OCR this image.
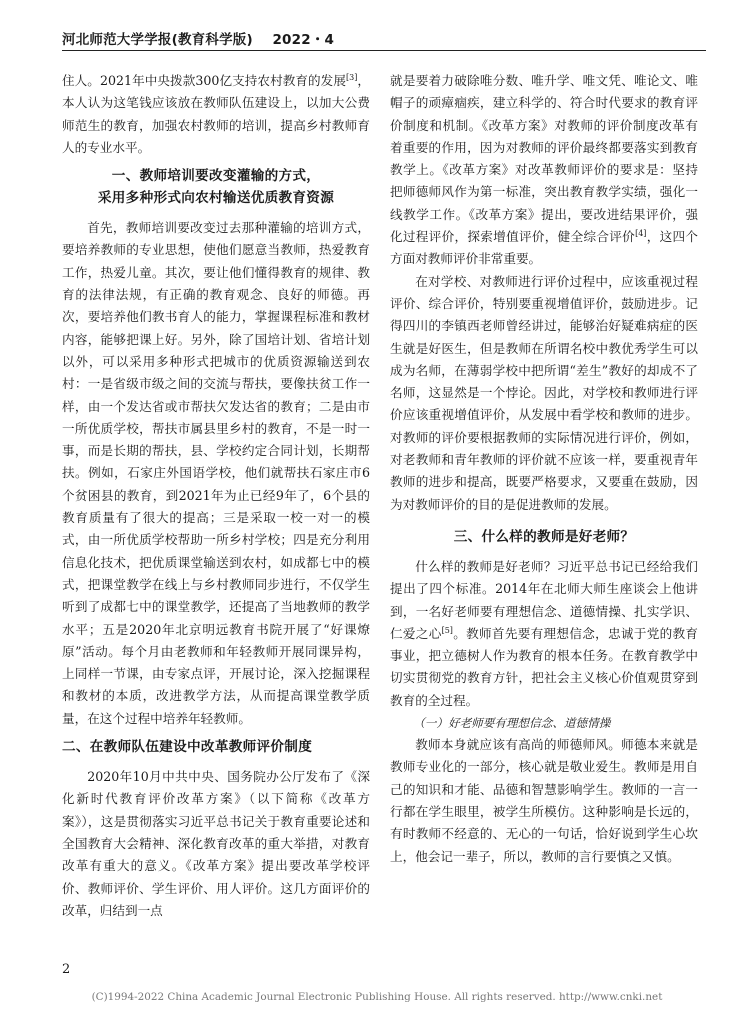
河北师范大学学报(教育科学版) 2022・4

住人。2021年中央拨款300亿支持农村教育的发展[3]，本人认为这笔钱应该放在教师队伍建设上，以加大公费师范生的教育，加强农村教师的培训，提高乡村教师育人的专业水平。

一、教师培训要改变灌输的方式，
采用多种形式向农村输送优质教育资源

首先，教师培训要改变过去那种灌输的培训方式，要培养教师的专业思想，使他们愿意当教师，热爱教育工作，热爱儿童。其次，要让他们懂得教育的规律、教育的法律法规，有正确的教育观念、良好的师德。再次，要培养他们教书育人的能力，掌握课程标准和教材内容，能够把课上好。另外，除了国培计划、省培计划以外，可以采用多种形式把城市的优质资源输送到农村：一是省级市级之间的交流与帮扶，要像扶贫工作一样，由一个发达省或市帮扶欠发达省的教育；二是由市一所优质学校，帮扶市属县里乡村的教育，不是一时一事，而是长期的帮扶，县、学校约定合同计划，长期帮扶。例如，石家庄外国语学校，他们就帮扶石家庄市6个贫困县的教育，到2021年为止已经9年了，6个县的教育质量有了很大的提高；三是采取一校一对一的模式，由一所优质学校帮助一所乡村学校；四是充分利用信息化技术，把优质课堂输送到农村，如成都七中的模式，把课堂教学在线上与乡村教师同步进行，不仅学生听到了成都七中的课堂教学，还提高了当地教师的教学水平；五是2020年北京明远教育书院开展了“好课燎原”活动。每个月由老教师和年轻教师开展同课异构，上同样一节课，由专家点评，开展讨论，深入挖掘课程和教材的本质，改进教学方法，从而提高课堂教学质量，在这个过程中培养年轻教师。

二、在教师队伍建设中改革教师评价制度

2020年10月中共中央、国务院办公厅发布了《深化新时代教育评价改革方案》（以下简称《改革方案》），这是贯彻落实习近平总书记关于教育重要论述和全国教育大会精神、深化教育改革的重大举措，对教育改革有重大的意义。《改革方案》提出要改革学校评价、教师评价、学生评价、用人评价。这几方面评价的改革，归结到一点

就是要着力破除唯分数、唯升学、唯文凭、唯论文、唯帽子的顽瘴痼疾，建立科学的、符合时代要求的教育评价制度和机制。《改革方案》对教师的评价制度改革有着重要的作用，因为对教师的评价最终都要落实到教育教学上。《改革方案》对改革教师评价的要求是：坚持把师德师风作为第一标准，突出教育教学实绩，强化一线教学工作。《改革方案》提出，要改进结果评价，强化过程评价，探索增值评价，健全综合评价[4]，这四个方面对教师评价非常重要。

在对学校、对教师进行评价过程中，应该重视过程评价、综合评价，特别要重视增值评价，鼓励进步。记得四川的李镇西老师曾经讲过，能够治好疑难病症的医生就是好医生，但是教师在所谓名校中教优秀学生可以成为名师，在薄弱学校中把所谓“差生”教好的却成不了名师，这显然是一个悖论。因此，对学校和教师进行评价应该重视增值评价，从发展中看学校和教师的进步。对教师的评价要根据教师的实际情况进行评价，例如，对老教师和青年教师的评价就不应该一样，要重视青年教师的进步和提高，既要严格要求，又要重在鼓励，因为对教师评价的目的是促进教师的发展。

三、什么样的教师是好老师？

什么样的教师是好老师？习近平总书记已经给我们提出了四个标准。2014年在北师大师生座谈会上他讲到，一名好老师要有理想信念、道德情操、扎实学识、仁爱之心[5]。教师首先要有理想信念，忠诚于党的教育事业，把立德树人作为教育的根本任务。在教育教学中切实贯彻党的教育方针，把社会主义核心价值观贯穿到教育的全过程。

（一）好老师要有理想信念、道德情操

教师本身就应该有高尚的师德师风。师德本来就是教师专业化的一部分，核心就是敬业爱生。教师是用自己的知识和才能、品德和智慧影响学生。教师的一言一行都在学生眼里，被学生所模仿。这种影响是长远的，有时教师不经意的、无心的一句话，恰好说到学生心坎上，他会记一辈子，所以，教师的言行要慎之又慎。

2
(C)1994-2022 China Academic Journal Electronic Publishing House. All rights reserved. http://www.cnki.net
